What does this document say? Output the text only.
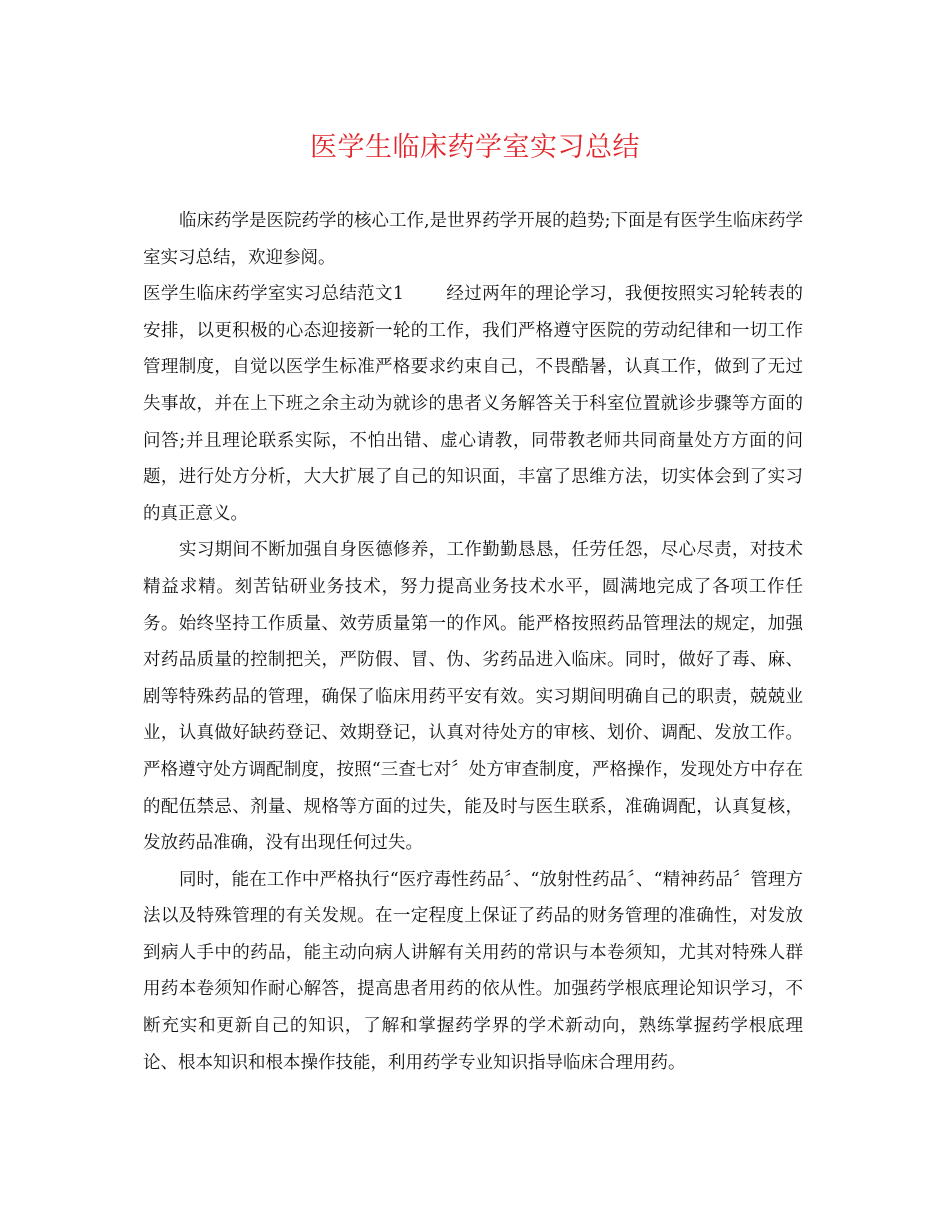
医学生临床药学室实习总结

临床药学是医院药学的核心工作,是世界药学开展的趋势;下面是有医学生临床药学室实习总结，欢迎参阅。

医学生临床药学室实习总结范文1 经过两年的理论学习，我便按照实习轮转表的安排，以更积极的心态迎接新一轮的工作，我们严格遵守医院的劳动纪律和一切工作管理制度，自觉以医学生标准严格要求约束自己，不畏酷暑，认真工作，做到了无过失事故，并在上下班之余主动为就诊的患者义务解答关于科室位置就诊步骤等方面的问答;并且理论联系实际，不怕出错、虚心请教，同带教老师共同商量处方方面的问题，进行处方分析，大大扩展了自己的知识面，丰富了思维方法，切实体会到了实习的真正意义。

实习期间不断加强自身医德修养，工作勤勤恳恳，任劳任怨，尽心尽责，对技术精益求精。刻苦钻研业务技术，努力提高业务技术水平，圆满地完成了各项工作任务。始终坚持工作质量、效劳质量第一的作风。能严格按照药品管理法的规定，加强对药品质量的控制把关，严防假、冒、伪、劣药品进入临床。同时，做好了毒、麻、剧等特殊药品的管理，确保了临床用药平安有效。实习期间明确自己的职责，兢兢业业，认真做好缺药登记、效期登记，认真对待处方的审核、划价、调配、发放工作。严格遵守处方调配制度，按照“三查七对〞处方审查制度，严格操作，发现处方中存在的配伍禁忌、剂量、规格等方面的过失，能及时与医生联系，准确调配，认真复核，发放药品准确，没有出现任何过失。

同时，能在工作中严格执行“医疗毒性药品〞、“放射性药品〞、“精神药品〞管理方法以及特殊管理的有关发规。在一定程度上保证了药品的财务管理的准确性，对发放到病人手中的药品，能主动向病人讲解有关用药的常识与本卷须知，尤其对特殊人群用药本卷须知作耐心解答，提高患者用药的依从性。加强药学根底理论知识学习，不断充实和更新自己的知识，了解和掌握药学界的学术新动向，熟练掌握药学根底理论、根本知识和根本操作技能，利用药学专业知识指导临床合理用药。
